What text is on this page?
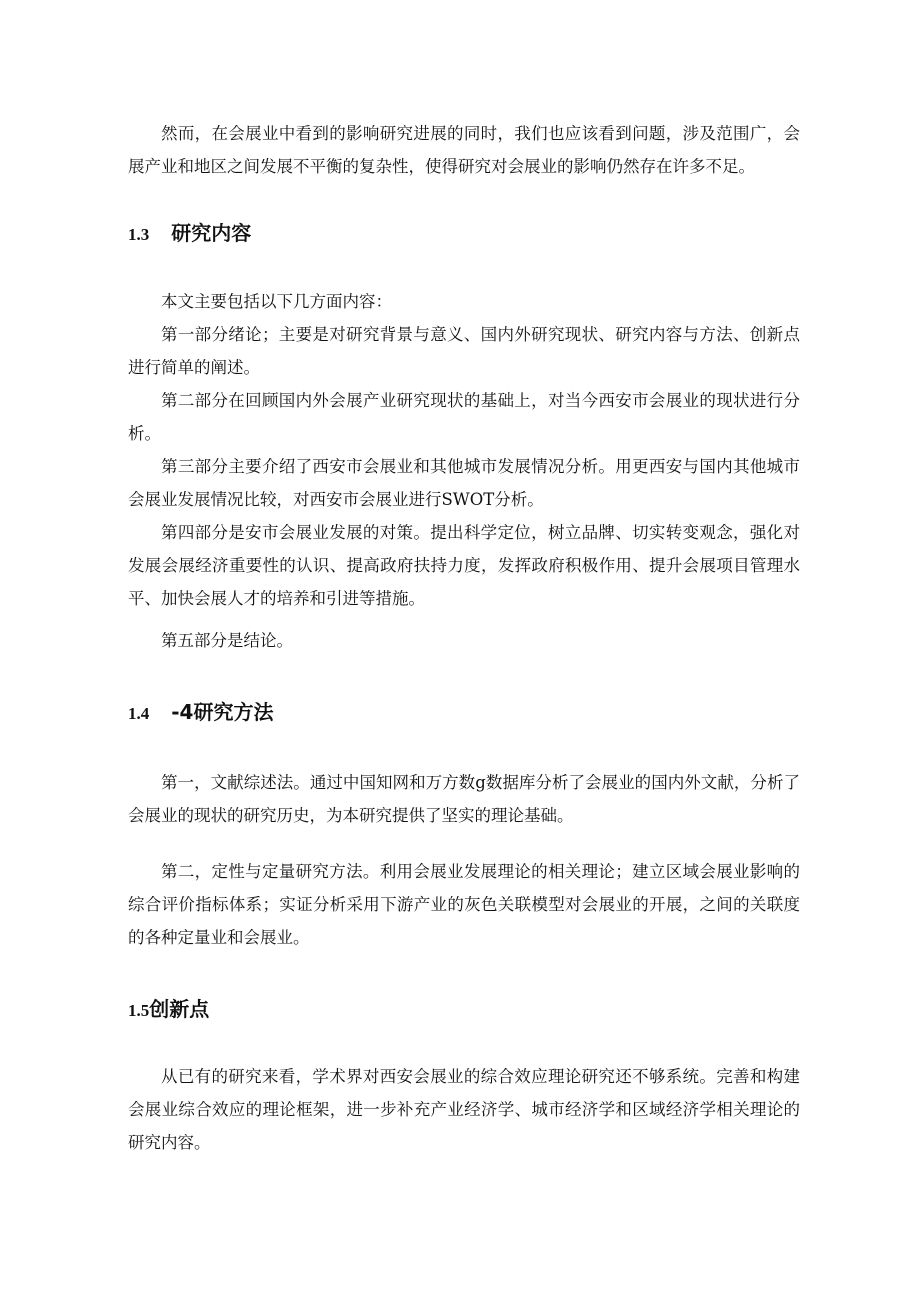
然而，在会展业中看到的影响研究进展的同时，我们也应该看到问题，涉及范围广，会展产业和地区之间发展不平衡的复杂性，使得研究对会展业的影响仍然存在许多不足。

1.3 研究内容

本文主要包括以下几方面内容：

第一部分绪论；主要是对研究背景与意义、国内外研究现状、研究内容与方法、创新点进行简单的阐述。

第二部分在回顾国内外会展产业研究现状的基础上，对当今西安市会展业的现状进行分析。

第三部分主要介绍了西安市会展业和其他城市发展情况分析。用更西安与国内其他城市会展业发展情况比较，对西安市会展业进行SWOT分析。

第四部分是安市会展业发展的对策。提出科学定位，树立品牌、切实转变观念，强化对发展会展经济重要性的认识、提高政府扶持力度，发挥政府积极作用、提升会展项目管理水平、加快会展人才的培养和引进等措施。

第五部分是结论。

1.4 -4研究方法

第一，文献综述法。通过中国知网和万方数g数据库分析了会展业的国内外文献，分析了会展业的现状的研究历史，为本研究提供了坚实的理论基础。

第二，定性与定量研究方法。利用会展业发展理论的相关理论；建立区域会展业影响的综合评价指标体系；实证分析采用下游产业的灰色关联模型对会展业的开展，之间的关联度的各种定量业和会展业。

1.5创新点

从已有的研究来看，学术界对西安会展业的综合效应理论研究还不够系统。完善和构建会展业综合效应的理论框架，进一步补充产业经济学、城市经济学和区域经济学相关理论的研究内容。
